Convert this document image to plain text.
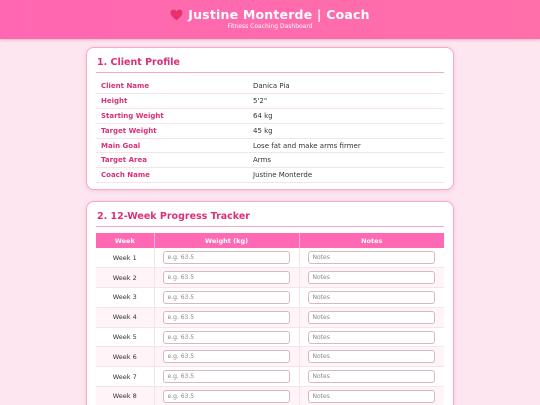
Justine Monterde | Coach
Fitness Coaching Dashboard
1. Client Profile
Client Name	Danica Pia
Height	5'2"
Starting Weight	64 kg
Target Weight	45 kg
Main Goal	Lose fat and make arms firmer
Target Area	Arms
Coach Name	Justine Monterde
2. 12-Week Progress Tracker
Week	Weight (kg)	Notes
Week 1	e.g. 63.5	Notes
Week 2	e.g. 63.5	Notes
Week 3	e.g. 63.5	Notes
Week 4	e.g. 63.5	Notes
Week 5	e.g. 63.5	Notes
Week 6	e.g. 63.5	Notes
Week 7	e.g. 63.5	Notes
Week 8	e.g. 63.5	Notes
